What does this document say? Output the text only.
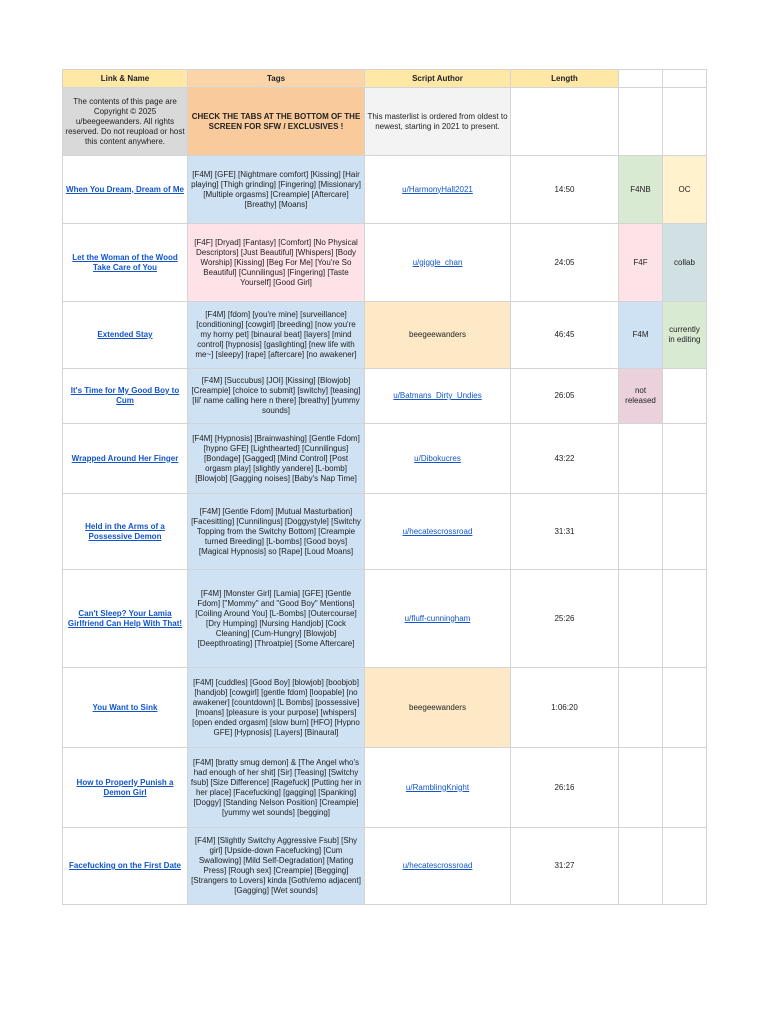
Link & Name	Tags	Script Author	Length		
The contents of this page are Copyright © 2025 u/beegeewanders. All rights reserved. Do not reupload or host this content anywhere.	CHECK THE TABS AT THE BOTTOM OF THE SCREEN FOR SFW / EXCLUSIVES !	This masterlist is ordered from oldest to newest, starting in 2021 to present.			
When You Dream, Dream of Me	[F4M] [GFE] [Nightmare comfort] [Kissing] [Hair playing] [Thigh grinding] [Fingering] [Missionary] [Multiple orgasms] [Creampie] [Aftercare] [Breathy] [Moans]	u/HarmonyHall2021	14:50	F4NB	OC
Let the Woman of the Wood Take Care of You	[F4F] [Dryad] [Fantasy] [Comfort] [No Physical Descriptors] [Just Beautiful] [Whispers] [Body Worship] [Kissing] [Beg For Me] [You're So Beautiful] [Cunnilingus] [Fingering] [Taste Yourself] [Good Girl]	u/giggle_chan	24:05	F4F	collab
Extended Stay	[F4M] [fdom] [you're mine] [surveillance] [conditioning] [cowgirl] [breeding] [now you're my horny pet] [binaural beat] [layers] [mind control] [hypnosis] [gaslighting] [new life with me~] [sleepy] [rape] [aftercare] [no awakener]	beegeewanders	46:45	F4M	currently in editing
It's Time for My Good Boy to Cum	[F4M] [Succubus] [JOI] [Kissing] [Blowjob] [Creampie] [choice to submit] [switchy] [teasing] [lil' name calling here n there] [breathy] [yummy sounds]	u/Batmans_Dirty_Undies	26:05	not released	
Wrapped Around Her Finger	[F4M] [Hypnosis] [Brainwashing] [Gentle Fdom] [hypno GFE] [Lighthearted] [Cunnilingus] [Bondage] [Gagged] [Mind Control] [Post orgasm play] [slightly yandere] [L-bomb] [Blowjob] [Gagging noises] [Baby's Nap Time]	u/Dibokucres	43:22		
Held in the Arms of a Possessive Demon	[F4M] [Gentle Fdom] [Mutual Masturbation] [Facesitting] [Cunnilingus] [Doggystyle] [Switchy Topping from the Switchy Bottom] [Creampie turned Breeding] [L-bombs] [Good boys] [Magical Hypnosis] so [Rape] [Loud Moans]	u/hecatescrossroad	31:31		
Can't Sleep? Your Lamia Girlfriend Can Help With That!	[F4M] [Monster Girl] [Lamia] [GFE] [Gentle Fdom] ["Mommy" and "Good Boy" Mentions] [Coiling Around You] [L-Bombs] [Outercourse] [Dry Humping] [Nursing Handjob] [Cock Cleaning] [Cum-Hungry] [Blowjob] [Deepthroating] [Throatpie] [Some Aftercare]	u/fluff-cunningham	25:26		
You Want to Sink	[F4M] [cuddles] [Good Boy] [blowjob] [boobjob] [handjob] [cowgirl] [gentle fdom] [loopable] [no awakener] [countdown] [L Bombs] [possessive] [moans] [pleasure is your purpose] [whispers] [open ended orgasm] [slow burn] [HFO] [Hypno GFE] [Hypnosis] [Layers] [Binaural]	beegeewanders	1:06:20		
How to Properly Punish a Demon Girl	[F4M] [bratty smug demon] & [The Angel who's had enough of her shit] [Sir] [Teasing] [Switchy fsub] [Size Difference] [Ragefuck] [Putting her in her place] [Facefucking] [gagging] [Spanking] [Doggy] [Standing Nelson Position] [Creampie] [yummy wet sounds] [begging]	u/RamblingKnight	26:16		
Facefucking on the First Date	[F4M] [Slightly Switchy Aggressive Fsub] [Shy girl] [Upside-down Facefucking] [Cum Swallowing] [Mild Self-Degradation] [Mating Press] [Rough sex] [Creampie] [Begging] [Strangers to Lovers] kinda [Goth/emo adjacent] [Gagging] [Wet sounds]	u/hecatescrossroad	31:27		
